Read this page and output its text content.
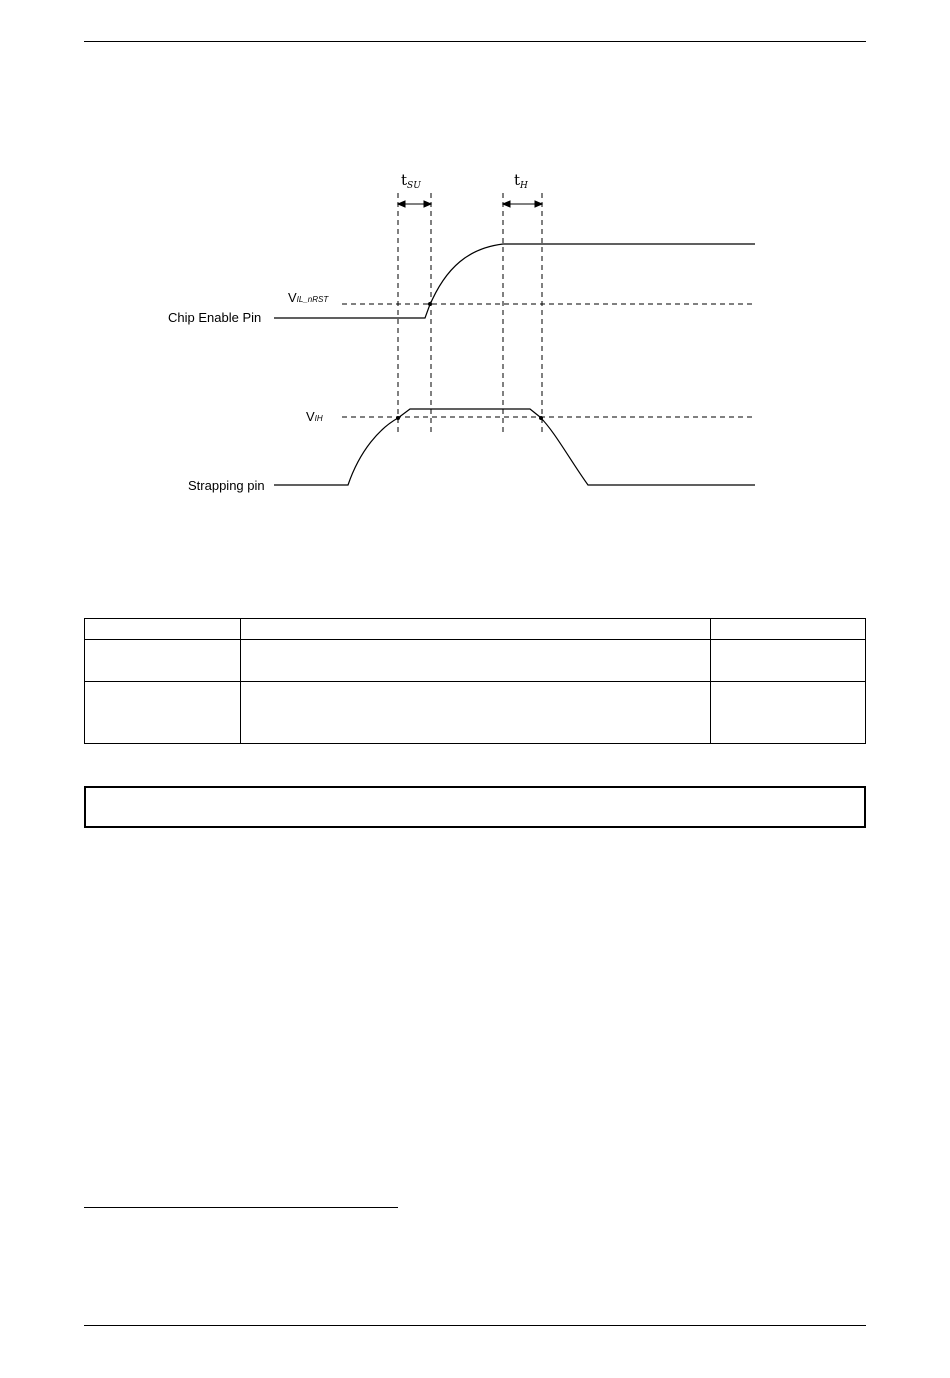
$t_{SU}$	$t_H$
Chip Enable Pin
Strapping pin
VIL_nRST
VIH
